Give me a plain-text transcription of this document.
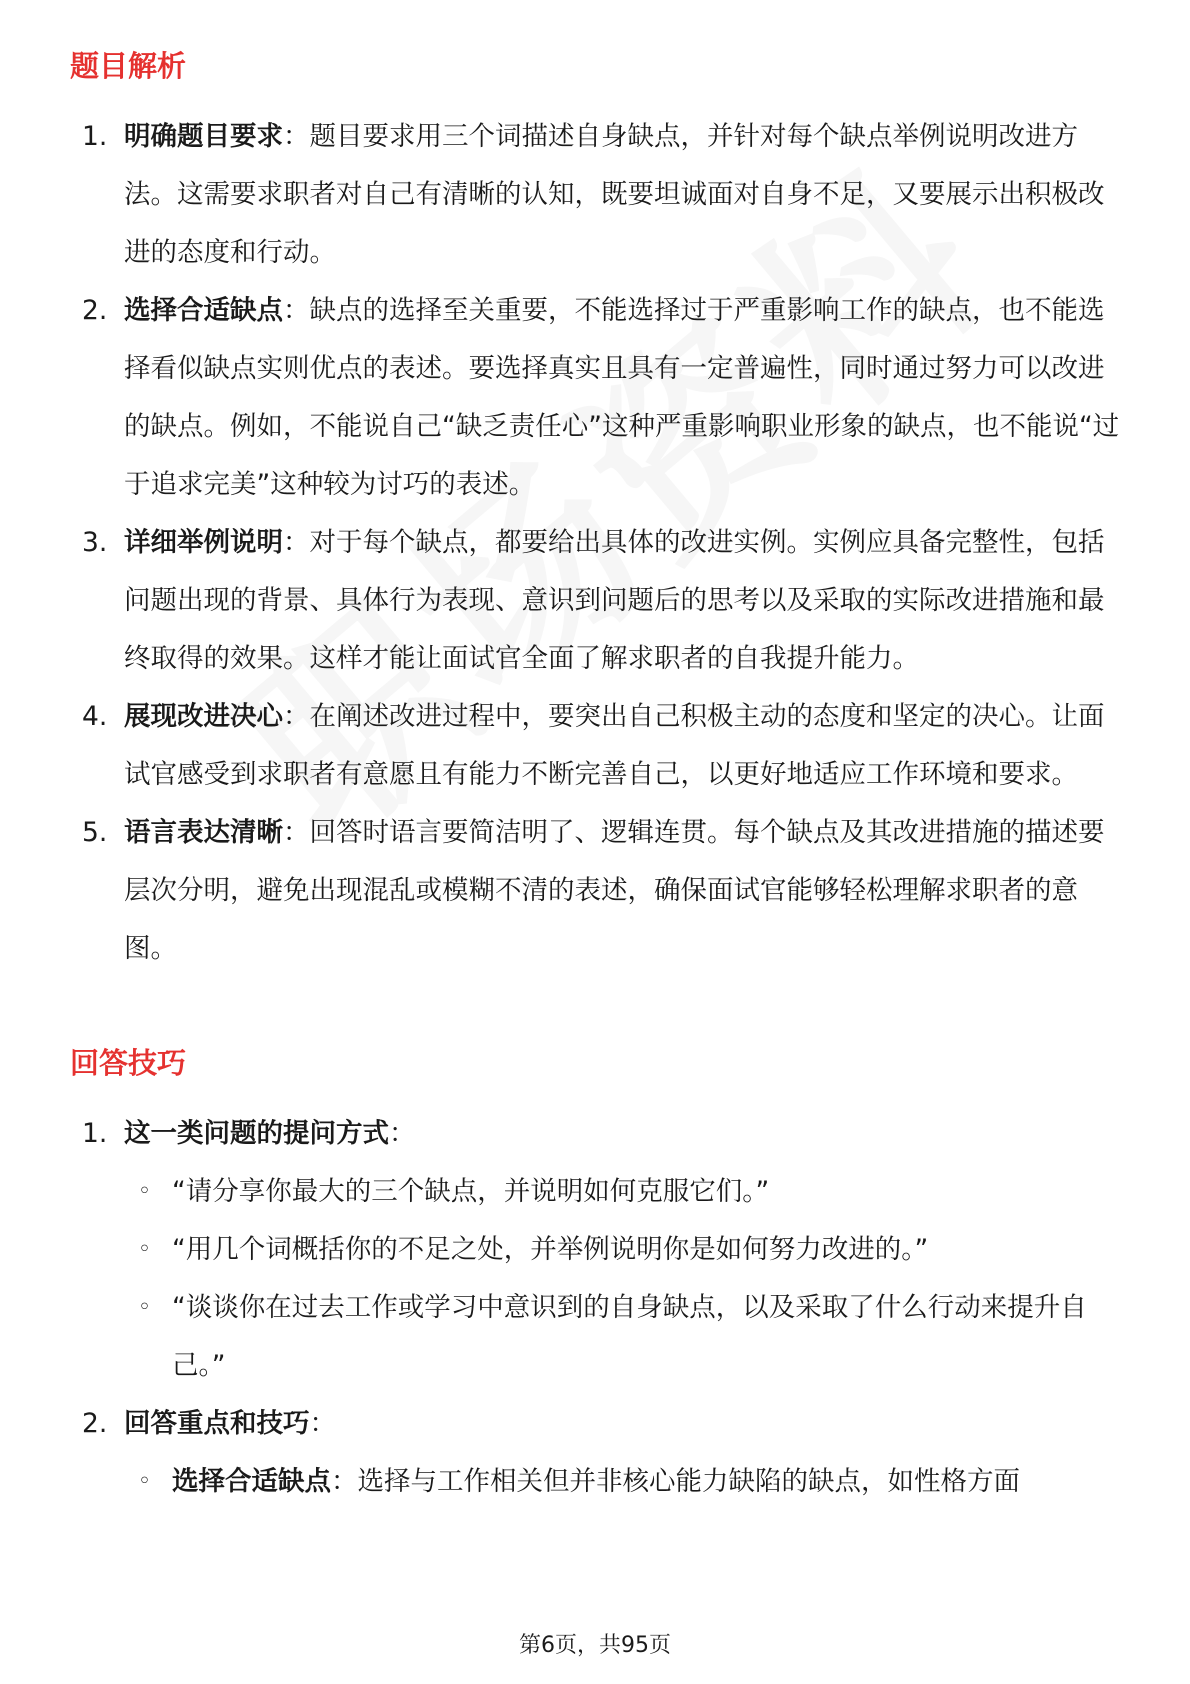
题目解析
1. 明确题目要求：题目要求用三个词描述自身缺点，并针对每个缺点举例说明改进方法。这需要求职者对自己有清晰的认知，既要坦诚面对自身不足，又要展示出积极改进的态度和行动。
2. 选择合适缺点：缺点的选择至关重要，不能选择过于严重影响工作的缺点，也不能选择看似缺点实则优点的表述。要选择真实且具有一定普遍性，同时通过努力可以改进的缺点。例如，不能说自己“缺乏责任心”这种严重影响职业形象的缺点，也不能说“过于追求完美”这种较为讨巧的表述。
3. 详细举例说明：对于每个缺点，都要给出具体的改进实例。实例应具备完整性，包括问题出现的背景、具体行为表现、意识到问题后的思考以及采取的实际改进措施和最终取得的效果。这样才能让面试官全面了解求职者的自我提升能力。
4. 展现改进决心：在阐述改进过程中，要突出自己积极主动的态度和坚定的决心。让面试官感受到求职者有意愿且有能力不断完善自己，以更好地适应工作环境和要求。
5. 语言表达清晰：回答时语言要简洁明了、逻辑连贯。每个缺点及其改进措施的描述要层次分明，避免出现混乱或模糊不清的表述，确保面试官能够轻松理解求职者的意图。
回答技巧
1. 这一类问题的提问方式：
◦ “请分享你最大的三个缺点，并说明如何克服它们。”
◦ “用几个词概括你的不足之处，并举例说明你是如何努力改进的。”
◦ “谈谈你在过去工作或学习中意识到的自身缺点，以及采取了什么行动来提升自己。”
2. 回答重点和技巧：
◦ 选择合适缺点：选择与工作相关但并非核心能力缺陷的缺点，如性格方面
第6页，共95页
